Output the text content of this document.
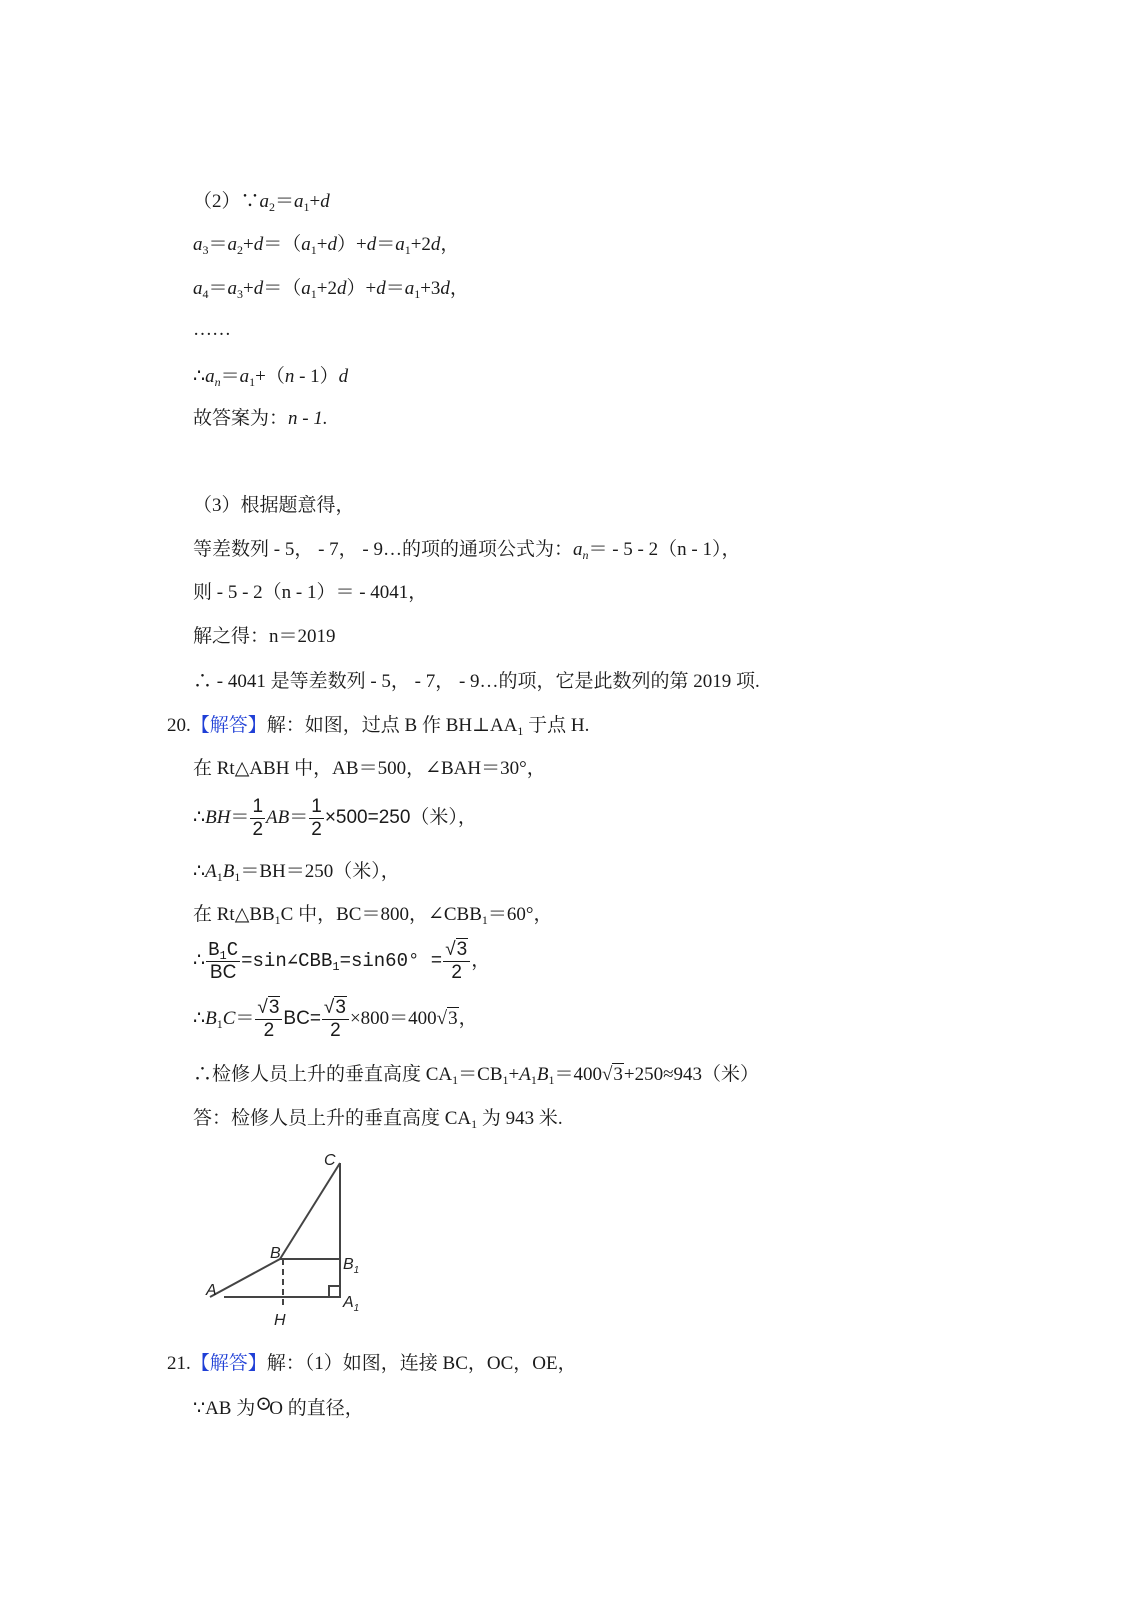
$(2)\because a_2=a_1+d$
$a_3=a_2+d=(a_1+d)+d=a_1+2d$，
$a_4=a_3+d=(a_1+2d)+d=a_1+3d$，
……
$\therefore a_n=a_1+(n - 1)d$
故答案为：n - 1.
（3）根据题意得，
等差数列 - 5， - 7， - 9…的项的通项公式为：$a_n= - 5 - 2(n - 1)$，
则 - 5 - 2（n - 1）＝ - 4041，
解之得：n＝2019
∴ - 4041 是等差数列 - 5， - 7， - 9…的项，它是此数列的第 2019 项.
20.【解答】解：如图，过点 B 作 $BH\perp AA_1$ 于点 H.
在 Rt△ABH 中，AB＝500，∠BAH＝30°，
∴BH＝ $\frac{1}{2} AB= \frac{1}{2} \times 500=250$（米），
$\therefore A_1B_1=BH=250$（米），
在 $Rt\triangle BB_1C$ 中，BC＝800，$\angle CBB_1=60^\circ$，
∴ $\frac{B_1C}{BC}$ $=\sin\angle CBB_1=\sin 60^\circ = \frac{√3}{2}$ ，
$\therefore B_1C= \frac{√3}{2} BC= \frac{√3}{2} \times 800=400√3$，
∴检修人员上升的垂直高度 $CA_1=CB_1+A_1B_1=400√3+250\approx 943$（米）
答：检修人员上升的垂直高度 $CA_1$ 为 943 米.
C
B
$B_1$
A
$A_1$
H
21.【解答】解：（1）如图，连接 BC，OC，OE，
∵AB 为 ⊙
O 的直径，
